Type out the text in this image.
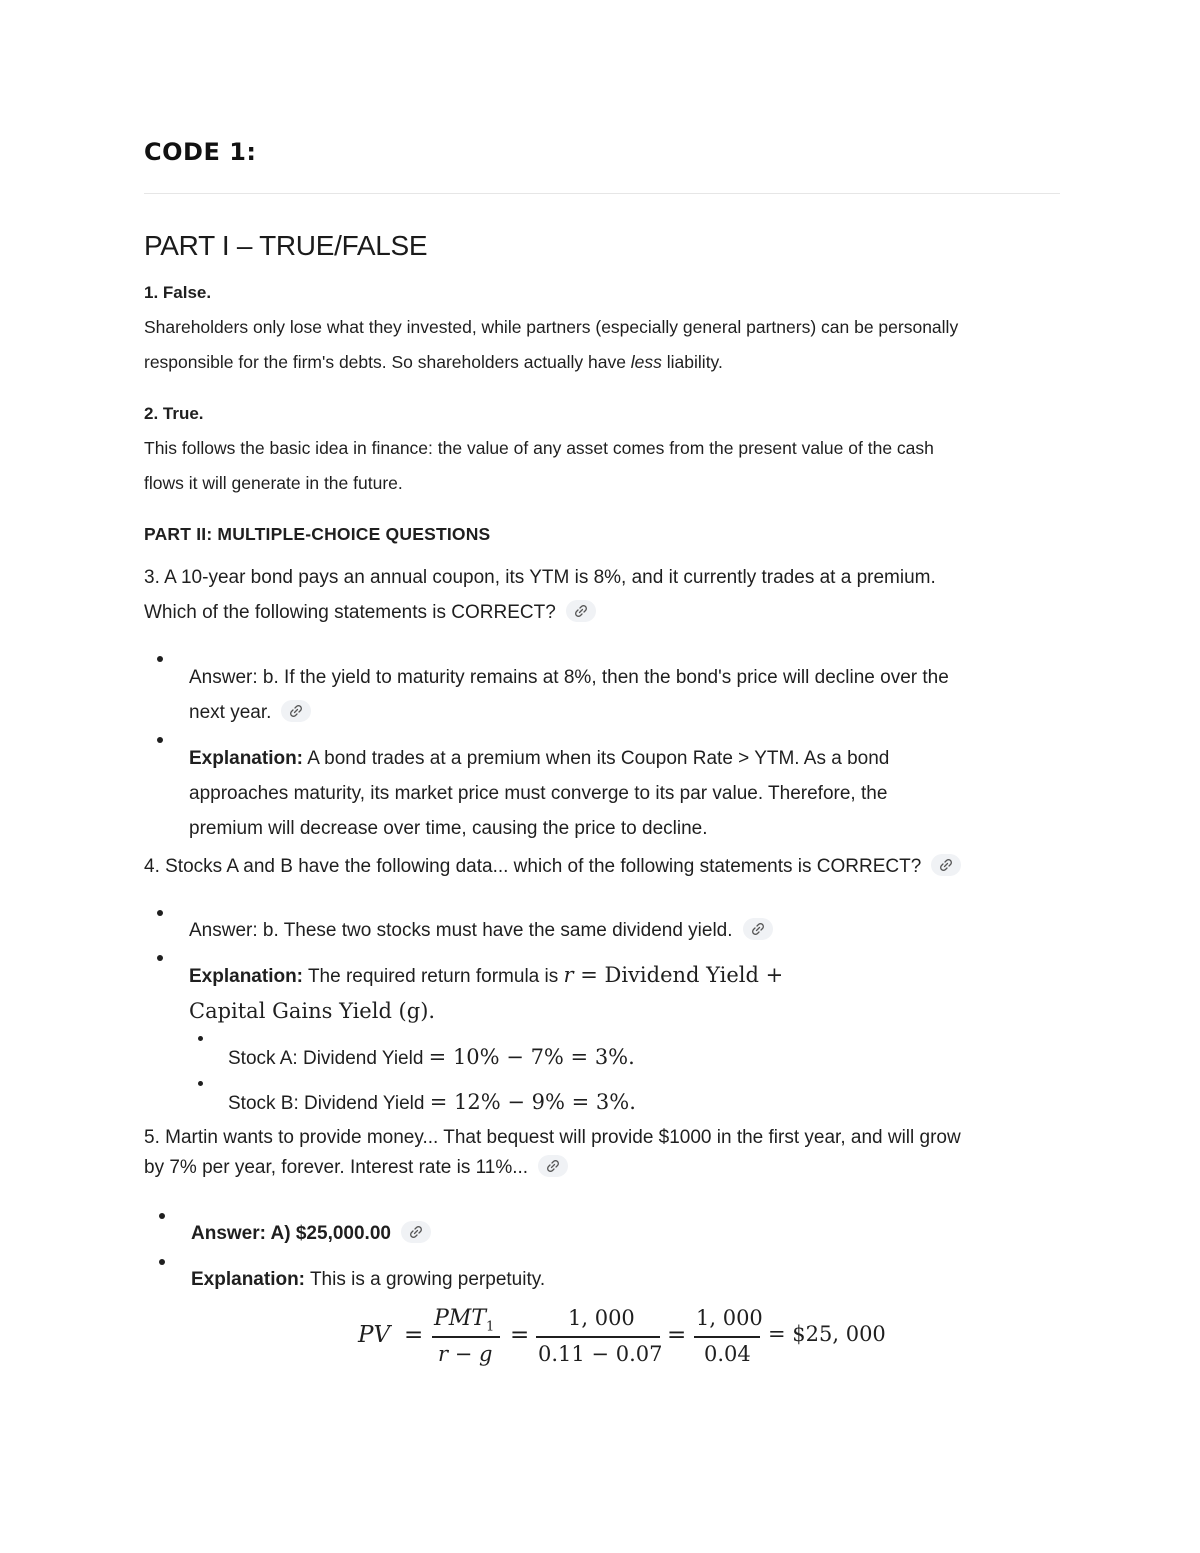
CODE 1:
PART I – TRUE/FALSE

1. False.

Shareholders only lose what they invested, while partners (especially general partners) can be personally
responsible for the firm's debts. So shareholders actually have less liability.

2. True.

This follows the basic idea in finance: the value of any asset comes from the present value of the cash
flows it will generate in the future.

PART II: MULTIPLE-CHOICE QUESTIONS

3. A 10-year bond pays an annual coupon, its YTM is 8%, and it currently trades at a premium.
Which of the following statements is CORRECT?

Answer: b. If the yield to maturity remains at 8%, then the bond's price will decline over the
next year.

Explanation: A bond trades at a premium when its Coupon Rate > YTM. As a bond
approaches maturity, its market price must converge to its par value. Therefore, the
premium will decrease over time, causing the price to decline.

4. Stocks A and B have the following data... which of the following statements is CORRECT?

Answer: b. These two stocks must have the same dividend yield.

Explanation: The required return formula is r = Dividend Yield +
Capital Gains Yield (g).

Stock A: Dividend Yield = 10% − 7% = 3%.

Stock B: Dividend Yield = 12% − 9% = 3%.

5. Martin wants to provide money... That bequest will provide $1000 in the first year, and will grow
by 7% per year, forever. Interest rate is 11%...

Answer: A) $25,000.00

Explanation: This is a growing perpetuity.

PV =
$PMT_1$
r − g
=
1, 000
0.11 − 0.07
=
1, 000
0.04
= $25, 000
